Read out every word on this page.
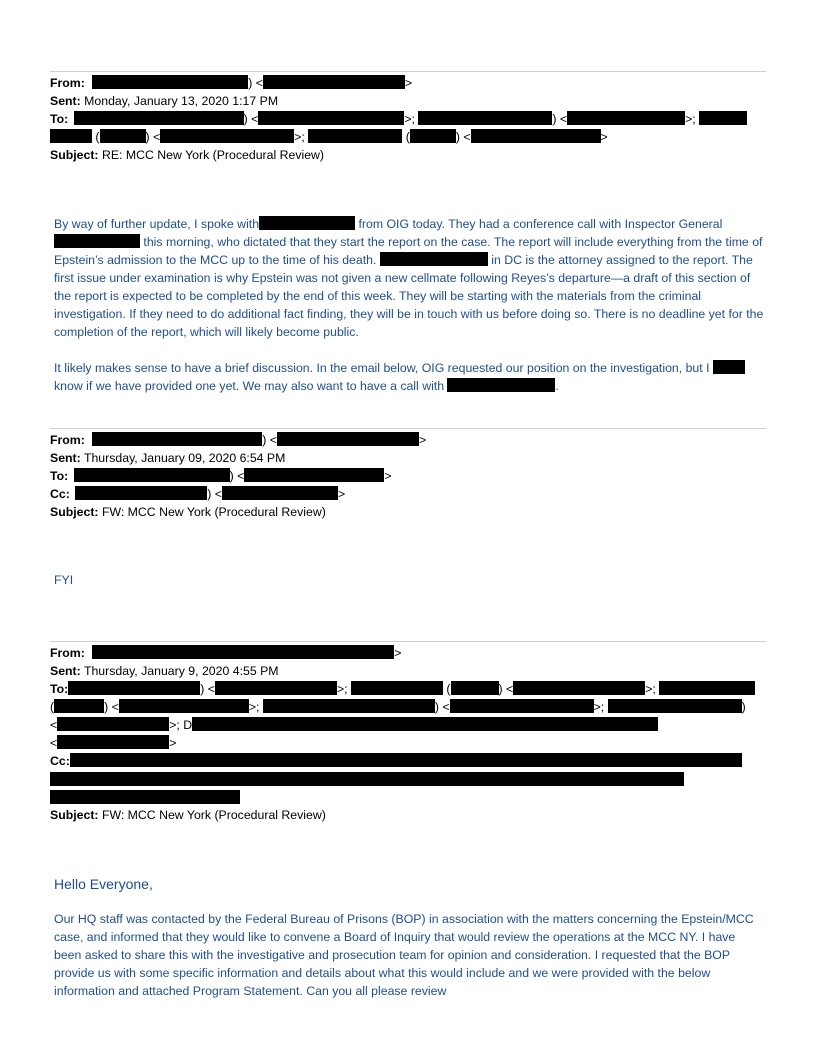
From:	) <	>
Sent: Monday, January 13, 2020 1:17 PM
To:	) <	>;	) <	>;
(	) <	>;	(	) <	>
Subject: RE: MCC New York (Procedural Review)

By way of further update, I spoke with	from OIG today. They had a conference call with Inspector General  this morning, who dictated that they start the report on the case. The report will include everything from the time of Epstein’s admission to the MCC up to the time of his death.	in DC is the attorney assigned to the report. The first issue under examination is why Epstein was not given a new cellmate following Reyes’s departure—a draft of this section of the report is expected to be completed by the end of this week. They will be starting with the materials from the criminal investigation. If they need to do additional fact finding, they will be in touch with us before doing so. There is no deadline yet for the completion of the report, which will likely become public.

It likely makes sense to have a brief discussion. In the email below, OIG requested our position on the investigation, but I  know if we have provided one yet. We may also want to have a call with	.

From:	) <	>
Sent: Thursday, January 09, 2020 6:54 PM
To:	) <	>
Cc:	) <	>
Subject: FW: MCC New York (Procedural Review)

FYI

From:	>
Sent: Thursday, January 9, 2020 4:55 PM
To:	) <	>;	(	) <	>;
(	) <	>;	) <	>;	)
<	>; D
<	>
Cc:
Subject: FW: MCC New York (Procedural Review)
Hello Everyone,

Our HQ staff was contacted by the Federal Bureau of Prisons (BOP) in association with the matters concerning the Epstein/MCC case, and informed that they would like to convene a Board of Inquiry that would review the operations at the MCC NY. I have been asked to share this with the investigative and prosecution team for opinion and consideration. I requested that the BOP provide us with some specific information and details about what this would include and we were provided with the below information and attached Program Statement. Can you all please review
